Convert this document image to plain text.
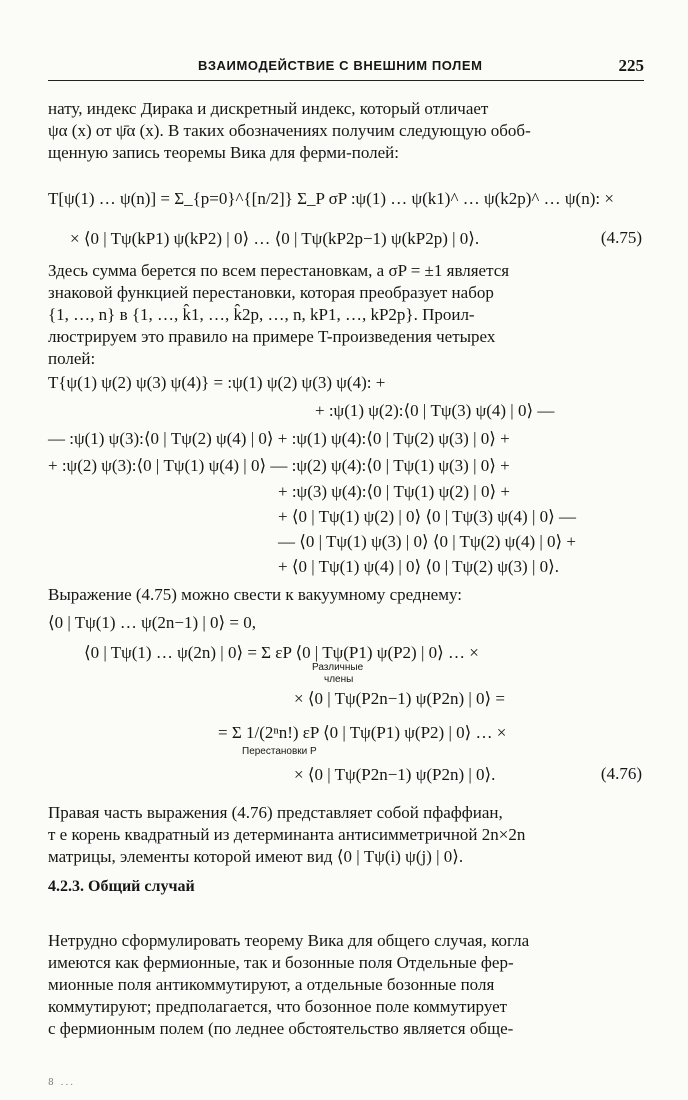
ВЗАИМОДЕЙСТВИЕ С ВНЕШНИМ ПОЛЕМ	225
нату, индекс Дирака и дискретный индекс, который отличает
ψα (x) от ψ̄α (x). В таких обозначениях получим следующую обоб-
щенную запись теоремы Вика для ферми-полей:
T[ψ(1) … ψ(n)] = Σ_{p=0}^{[n/2]} Σ_P σP :ψ(1) … ψ(k1)^ … ψ(k2p)^ … ψ(n): ×
× ⟨0 | Tψ(kP1) ψ(kP2) | 0⟩ … ⟨0 | Tψ(kP2p−1) ψ(kP2p) | 0⟩.	(4.75)
Здесь сумма берется по всем перестановкам, а σP = ±1 является
знаковой функцией перестановки, которая преобразует набор
{1, …, n} в {1, …, k̂1, …, k̂2p, …, n, kP1, …, kP2p}. Проил-
люстрируем это правило на примере T-произведения четырех
полей:
T{ψ(1) ψ(2) ψ(3) ψ(4)} = :ψ(1) ψ(2) ψ(3) ψ(4): +
+ :ψ(1) ψ(2):⟨0 | Tψ(3) ψ(4) | 0⟩ —
— :ψ(1) ψ(3):⟨0 | Tψ(2) ψ(4) | 0⟩ + :ψ(1) ψ(4):⟨0 | Tψ(2) ψ(3) | 0⟩ +
+ :ψ(2) ψ(3):⟨0 | Tψ(1) ψ(4) | 0⟩ — :ψ(2) ψ(4):⟨0 | Tψ(1) ψ(3) | 0⟩ +
+ :ψ(3) ψ(4):⟨0 | Tψ(1) ψ(2) | 0⟩ +
+ ⟨0 | Tψ(1) ψ(2) | 0⟩ ⟨0 | Tψ(3) ψ(4) | 0⟩ —
— ⟨0 | Tψ(1) ψ(3) | 0⟩ ⟨0 | Tψ(2) ψ(4) | 0⟩ +
+ ⟨0 | Tψ(1) ψ(4) | 0⟩ ⟨0 | Tψ(2) ψ(3) | 0⟩.
Выражение (4.75) можно свести к вакуумному среднему:
⟨0 | Tψ(1) … ψ(2n−1) | 0⟩ = 0,
⟨0 | Tψ(1) … ψ(2n) | 0⟩ = Σ εP ⟨0 | Tψ(P1) ψ(P2) | 0⟩ … ×
Различные
члены
× ⟨0 | Tψ(P2n−1) ψ(P2n) | 0⟩ =
= Σ 1/(2ⁿn!) εP ⟨0 | Tψ(P1) ψ(P2) | 0⟩ … ×
Перестановки P
× ⟨0 | Tψ(P2n−1) ψ(P2n) | 0⟩.	(4.76)
Правая часть выражения (4.76) представляет собой пфаффиан,
т е корень квадратный из детерминанта антисимметричной 2n×2n
матрицы, элементы которой имеют вид ⟨0 | Tψ(i) ψ(j) | 0⟩.
4.2.3. Общий случай
Нетрудно сформулировать теорему Вика для общего случая, когла
имеются как фермионные, так и бозонные поля Отдельные фер-
мионные поля антикоммутируют, а отдельные бозонные поля
коммутируют; предполагается, что бозонное поле коммутирует
с фермионным полем (по леднее обстоятельство является обще-
8 ...
